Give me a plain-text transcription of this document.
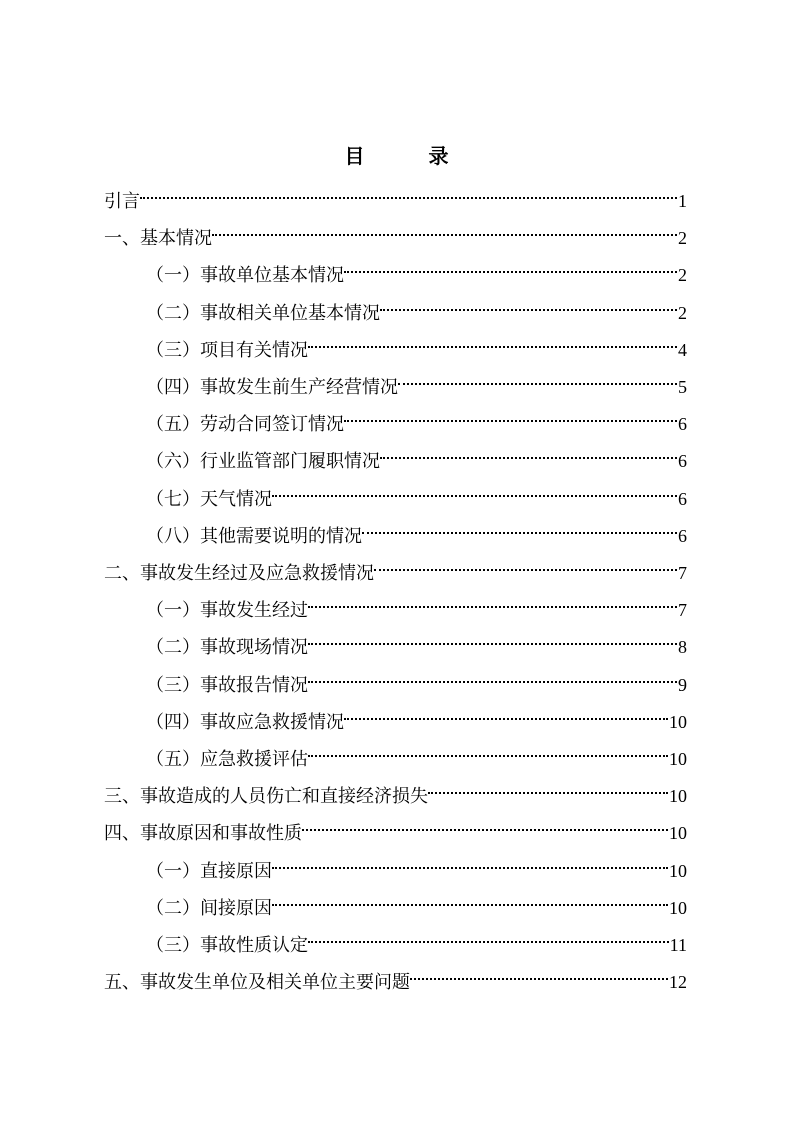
目　录
引言	1
一、基本情况	2
（一）事故单位基本情况	2
（二）事故相关单位基本情况	2
（三）项目有关情况	4
（四）事故发生前生产经营情况	5
（五）劳动合同签订情况	6
（六）行业监管部门履职情况	6
（七）天气情况	6
（八）其他需要说明的情况	6
二、事故发生经过及应急救援情况	7
（一）事故发生经过	7
（二）事故现场情况	8
（三）事故报告情况	9
（四）事故应急救援情况	10
（五）应急救援评估	10
三、事故造成的人员伤亡和直接经济损失	10
四、事故原因和事故性质	10
（一）直接原因	10
（二）间接原因	10
（三）事故性质认定	11
五、事故发生单位及相关单位主要问题	12
